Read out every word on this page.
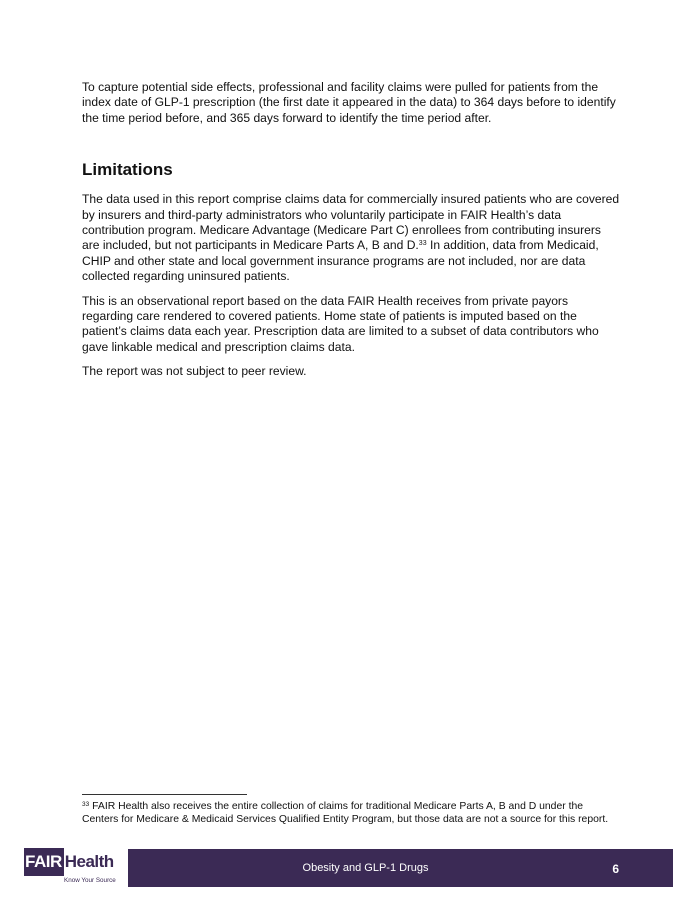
To capture potential side effects, professional and facility claims were pulled for patients from the index date of GLP-1 prescription (the first date it appeared in the data) to 364 days before to identify the time period before, and 365 days forward to identify the time period after.

Limitations

The data used in this report comprise claims data for commercially insured patients who are covered by insurers and third-party administrators who voluntarily participate in FAIR Health’s data contribution program. Medicare Advantage (Medicare Part C) enrollees from contributing insurers are included, but not participants in Medicare Parts A, B and D.$^{33}$ In addition, data from Medicaid, CHIP and other state and local government insurance programs are not included, nor are data collected regarding uninsured patients.

This is an observational report based on the data FAIR Health receives from private payors regarding care rendered to covered patients. Home state of patients is imputed based on the patient’s claims data each year. Prescription data are limited to a subset of data contributors who gave linkable medical and prescription claims data.

The report was not subject to peer review.

$^{33}$ FAIR Health also receives the entire collection of claims for traditional Medicare Parts A, B and D under the Centers for Medicare & Medicaid Services Qualified Entity Program, but those data are not a source for this report.
FAIR Health
Know Your Source
Obesity and GLP-1 Drugs	6
